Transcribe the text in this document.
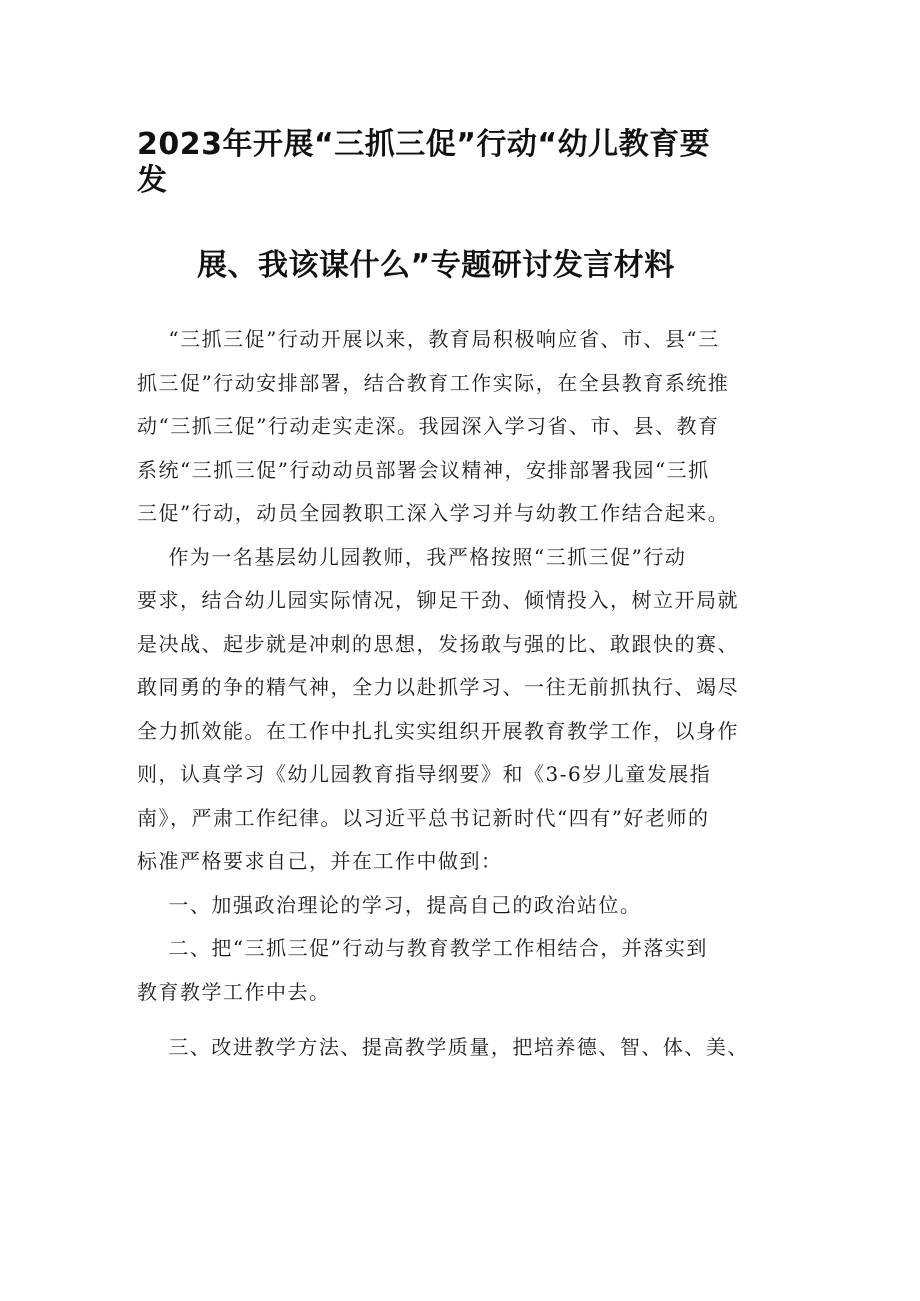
2023年开展“三抓三促”行动“幼儿教育要
发
展、我该谋什么”专题研讨发言材料
“三抓三促”行动开展以来，教育局积极响应省、市、县“三
抓三促”行动安排部署，结合教育工作实际，在全县教育系统推
动“三抓三促”行动走实走深。我园深入学习省、市、县、教育
系统“三抓三促”行动动员部署会议精神，安排部署我园“三抓
三促”行动，动员全园教职工深入学习并与幼教工作结合起来。
作为一名基层幼儿园教师，我严格按照“三抓三促”行动
要求，结合幼儿园实际情况，铆足干劲、倾情投入，树立开局就
是决战、起步就是冲刺的思想，发扬敢与强的比、敢跟快的赛、
敢同勇的争的精气神，全力以赴抓学习、一往无前抓执行、竭尽
全力抓效能。在工作中扎扎实实组织开展教育教学工作，以身作
则，认真学习《幼儿园教育指导纲要》和《3-6岁儿童发展指
南》，严肃工作纪律。以习近平总书记新时代“四有”好老师的
标准严格要求自己，并在工作中做到：
一、加强政治理论的学习，提高自己的政治站位。
二、把“三抓三促”行动与教育教学工作相结合，并落实到
教育教学工作中去。
三、改进教学方法、提高教学质量，把培养德、智、体、美、
